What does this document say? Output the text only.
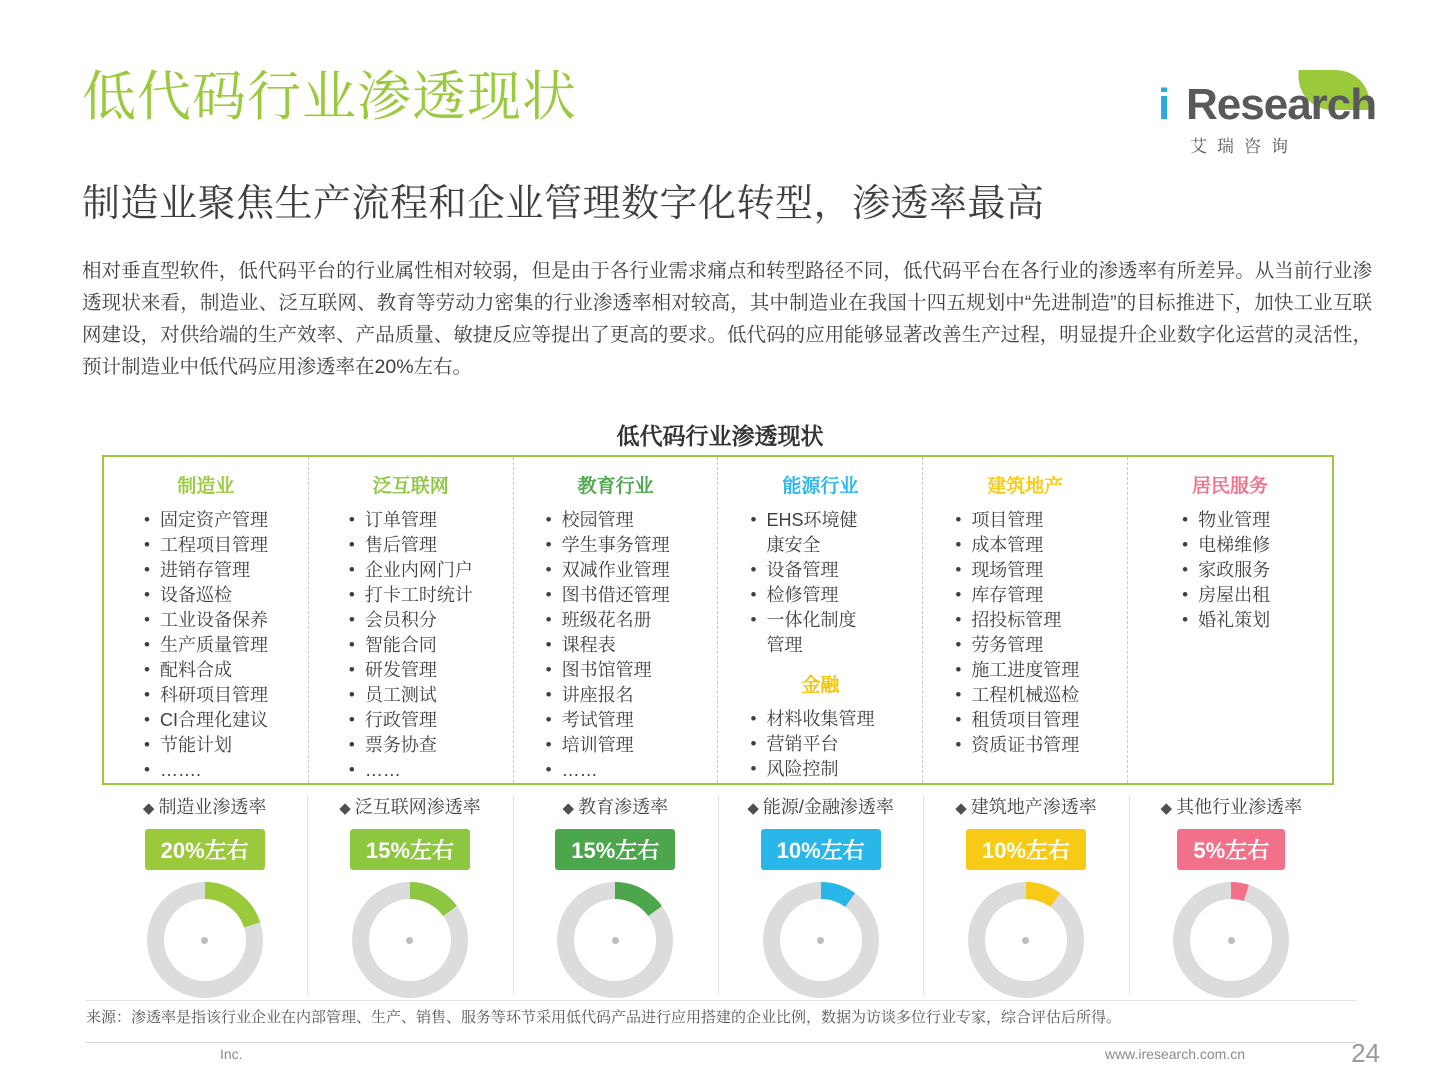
低代码行业渗透现状
制造业聚焦生产流程和企业管理数字化转型，渗透率最高
i Research
艾瑞咨询
相对垂直型软件，低代码平台的行业属性相对较弱，但是由于各行业需求痛点和转型路径不同，低代码平台在各行业的渗透率有所差异。从当前行业渗透现状来看，制造业、泛互联网、教育等劳动力密集的行业渗透率相对较高，其中制造业在我国十四五规划中“先进制造”的目标推进下，加快工业互联网建设，对供给端的生产效率、产品质量、敏捷反应等提出了更高的要求。低代码的应用能够显著改善生产过程，明显提升企业数字化运营的灵活性，预计制造业中低代码应用渗透率在20%左右。
低代码行业渗透现状
制造业
• 固定资产管理
• 工程项目管理
• 进销存管理
• 设备巡检
• 工业设备保养
• 生产质量管理
• 配料合成
• 科研项目管理
• CI合理化建议
• 节能计划
• …….
泛互联网
• 订单管理
• 售后管理
• 企业内网门户
• 打卡工时统计
• 会员积分
• 智能合同
• 研发管理
• 员工测试
• 行政管理
• 票务协查
• ……
教育行业
• 校园管理
• 学生事务管理
• 双减作业管理
• 图书借还管理
• 班级花名册
• 课程表
• 图书馆管理
• 讲座报名
• 考试管理
• 培训管理
• ……
能源行业
• EHS环境健
康安全
• 设备管理
• 检修管理
• 一体化制度
管理
金融
• 材料收集管理
• 营销平台
• 风险控制
建筑地产
• 项目管理
• 成本管理
• 现场管理
• 库存管理
• 招投标管理
• 劳务管理
• 施工进度管理
• 工程机械巡检
• 租赁项目管理
• 资质证书管理
居民服务
• 物业管理
• 电梯维修
• 家政服务
• 房屋出租
• 婚礼策划
◆ 制造业渗透率
20%左右
◆ 泛互联网渗透率
15%左右
◆ 教育渗透率
15%左右
◆ 能源/金融渗透率
10%左右
◆ 建筑地产渗透率
10%左右
◆ 其他行业渗透率
5%左右
来源：渗透率是指该行业企业在内部管理、生产、销售、服务等环节采用低代码产品进行应用搭建的企业比例，数据为访谈多位行业专家，综合评估后所得。
Inc.	www.iresearch.com.cn	24
